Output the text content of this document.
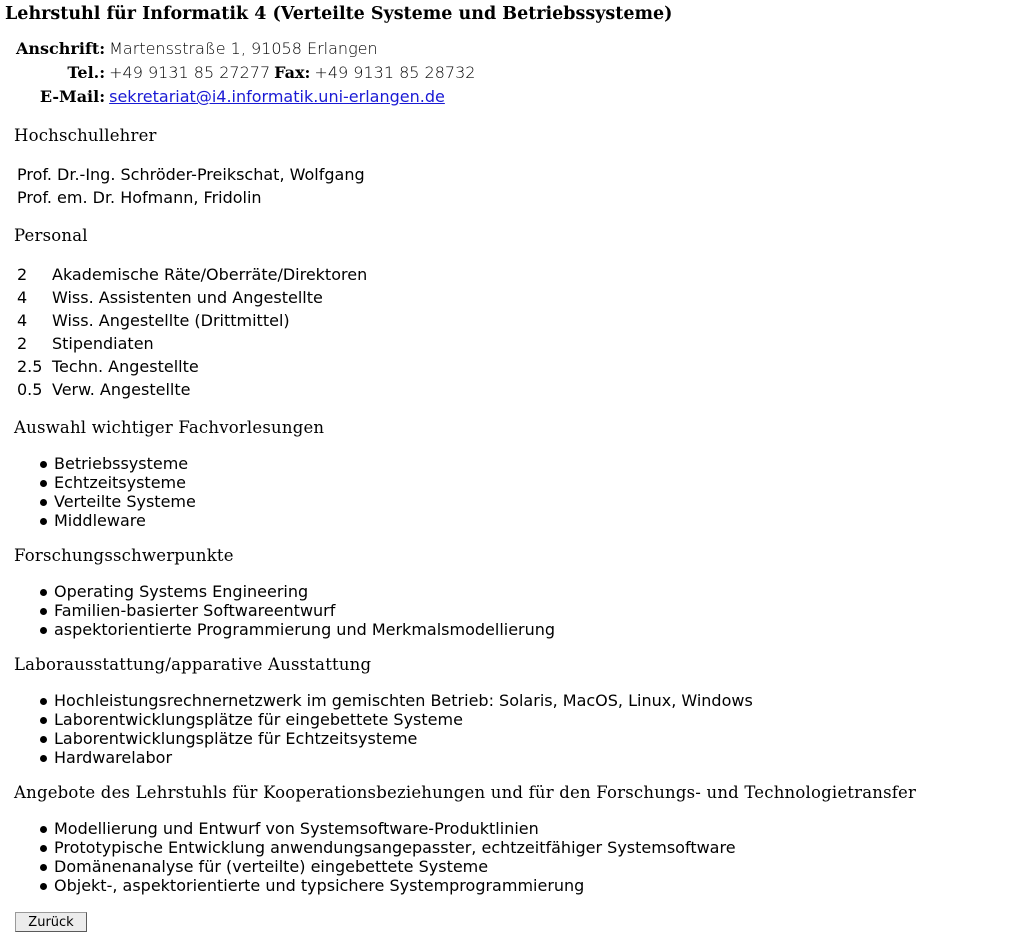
Lehrstuhl für Informatik 4 (Verteilte Systeme und Betriebssysteme)
Anschrift:	Martensstraße 1, 91058 Erlangen		
Tel.:	+49 9131 85 27277	Fax:	+49 9131 85 28732
E-Mail:	sekretariat@i4.informatik.uni-erlangen.de		
Hochschullehrer
Prof. Dr.-Ing. Schröder-Preikschat, Wolfgang
Prof. em. Dr. Hofmann, Fridolin
Personal
2	Akademische Räte/Oberräte/Direktoren
4	Wiss. Assistenten und Angestellte
4	Wiss. Angestellte (Drittmittel)
2	Stipendiaten
2.5	Techn. Angestellte
0.5	Verw. Angestellte
Auswahl wichtiger Fachvorlesungen
Betriebssysteme
Echtzeitsysteme
Verteilte Systeme
Middleware
Forschungsschwerpunkte
Operating Systems Engineering
Familien-basierter Softwareentwurf
aspektorientierte Programmierung und Merkmalsmodellierung
Laborausstattung/apparative Ausstattung
Hochleistungsrechnernetzwerk im gemischten Betrieb: Solaris, MacOS, Linux, Windows
Laborentwicklungsplätze für eingebettete Systeme
Laborentwicklungsplätze für Echtzeitsysteme
Hardwarelabor
Angebote des Lehrstuhls für Kooperationsbeziehungen und für den Forschungs- und Technologietransfer
Modellierung und Entwurf von Systemsoftware-Produktlinien
Prototypische Entwicklung anwendungsangepasster, echtzeitfähiger Systemsoftware
Domänenanalyse für (verteilte) eingebettete Systeme
Objekt-, aspektorientierte und typsichere Systemprogrammierung
Zurück
